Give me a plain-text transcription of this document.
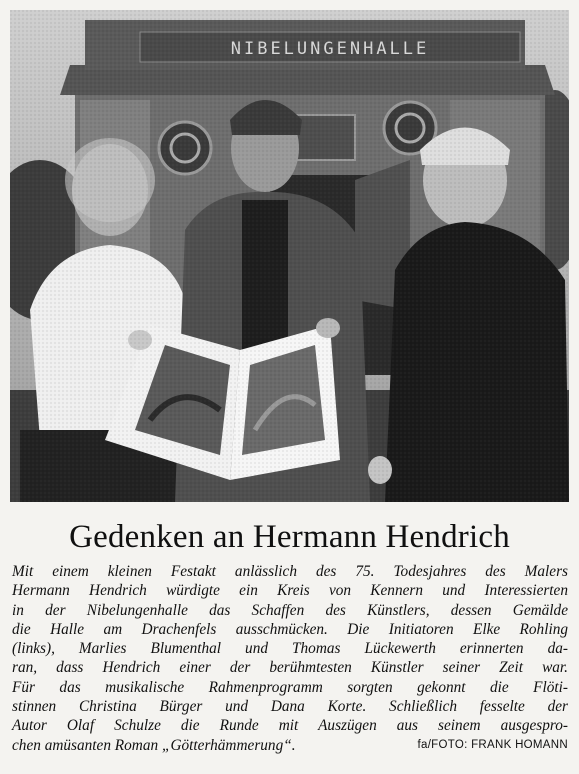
Gedenken an Hermann Hendrich
Mit einem kleinen Festakt anlässlich des 75. Todesjahres des Malers
Hermann Hendrich würdigte ein Kreis von Kennern und Interessierten
in der Nibelungenhalle das Schaffen des Künstlers, dessen Gemälde
die Halle am Drachenfels ausschmücken. Die Initiatoren Elke Rohling
(links), Marlies Blumenthal und Thomas Lückewerth erinnerten da-
ran, dass Hendrich einer der berühmtesten Künstler seiner Zeit war.
Für das musikalische Rahmenprogramm sorgten gekonnt die Flöti-
stinnen Christina Bürger und Dana Korte. Schließlich fesselte der
Autor Olaf Schulze die Runde mit Auszügen aus seinem ausgespro-
chen amüsanten Roman „Götterhämmerung“.	fa/FOTO: FRANK HOMANN
